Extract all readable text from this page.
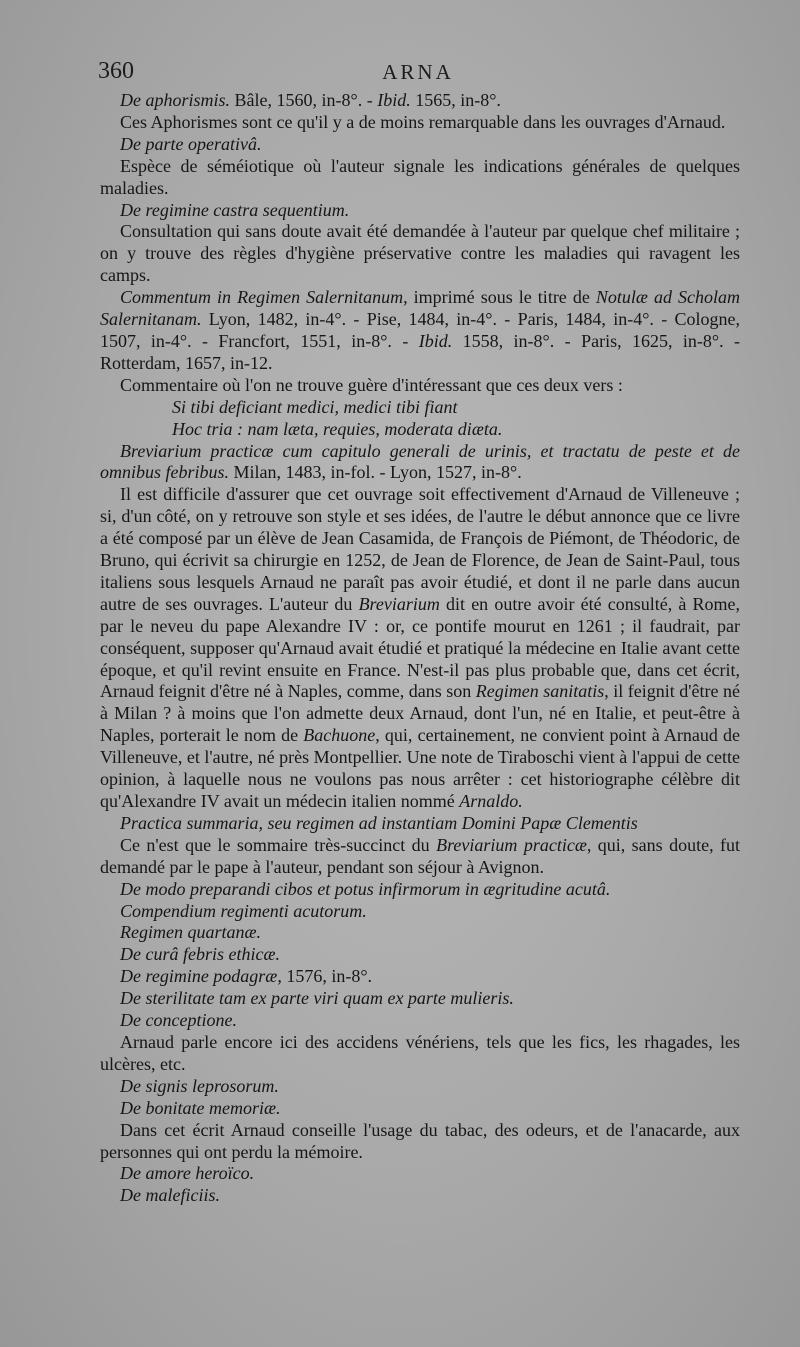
360	ARNA

De aphorismis. Bâle, 1560, in-8°. - Ibid. 1565, in-8°.

Ces Aphorismes sont ce qu'il y a de moins remarquable dans les ouvrages d'Arnaud.

De parte operativâ.

Espèce de séméiotique où l'auteur signale les indications générales de quelques maladies.

De regimine castra sequentium.

Consultation qui sans doute avait été demandée à l'auteur par quelque chef militaire ; on y trouve des règles d'hygiène préservative contre les maladies qui ravagent les camps.

Commentum in Regimen Salernitanum, imprimé sous le titre de Notulæ ad Scholam Salernitanam. Lyon, 1482, in-4°. - Pise, 1484, in-4°. - Paris, 1484, in-4°. - Cologne, 1507, in-4°. - Francfort, 1551, in-8°. - Ibid. 1558, in-8°. - Paris, 1625, in-8°. - Rotterdam, 1657, in-12.

Commentaire où l'on ne trouve guère d'intéressant que ces deux vers :

Si tibi deficiant medici, medici tibi fiant

Hoc tria : nam læta, requies, moderata diæta.

Breviarium practicæ cum capitulo generali de urinis, et tractatu de peste et de omnibus febribus. Milan, 1483, in-fol. - Lyon, 1527, in-8°.

Il est difficile d'assurer que cet ouvrage soit effectivement d'Arnaud de Villeneuve ; si, d'un côté, on y retrouve son style et ses idées, de l'autre le début annonce que ce livre a été composé par un élève de Jean Casamida, de François de Piémont, de Théodoric, de Bruno, qui écrivit sa chirurgie en 1252, de Jean de Florence, de Jean de Saint-Paul, tous italiens sous lesquels Arnaud ne paraît pas avoir étudié, et dont il ne parle dans aucun autre de ses ouvrages. L'auteur du Breviarium dit en outre avoir été consulté, à Rome, par le neveu du pape Alexandre IV : or, ce pontife mourut en 1261 ; il faudrait, par conséquent, supposer qu'Arnaud avait étudié et pratiqué la médecine en Italie avant cette époque, et qu'il revint ensuite en France. N'est-il pas plus probable que, dans cet écrit, Arnaud feignit d'être né à Naples, comme, dans son Regimen sanitatis, il feignit d'être né à Milan ? à moins que l'on admette deux Arnaud, dont l'un, né en Italie, et peut-être à Naples, porterait le nom de Bachuone, qui, certainement, ne convient point à Arnaud de Villeneuve, et l'autre, né près Montpellier. Une note de Tiraboschi vient à l'appui de cette opinion, à laquelle nous ne voulons pas nous arrêter : cet historiographe célèbre dit qu'Alexandre IV avait un médecin italien nommé Arnaldo.

Practica summaria, seu regimen ad instantiam Domini Papæ Clementis

Ce n'est que le sommaire très-succinct du Breviarium practicæ, qui, sans doute, fut demandé par le pape à l'auteur, pendant son séjour à Avignon.

De modo preparandi cibos et potus infirmorum in ægritudine acutâ.

Compendium regimenti acutorum.

Regimen quartanæ.

De curâ febris ethicæ.

De regimine podagræ, 1576, in-8°.

De sterilitate tam ex parte viri quam ex parte mulieris.

De conceptione.

Arnaud parle encore ici des accidens vénériens, tels que les fics, les rhagades, les ulcères, etc.

De signis leprosorum.

De bonitate memoriæ.

Dans cet écrit Arnaud conseille l'usage du tabac, des odeurs, et de l'anacarde, aux personnes qui ont perdu la mémoire.

De amore heroïco.

De maleficiis.
